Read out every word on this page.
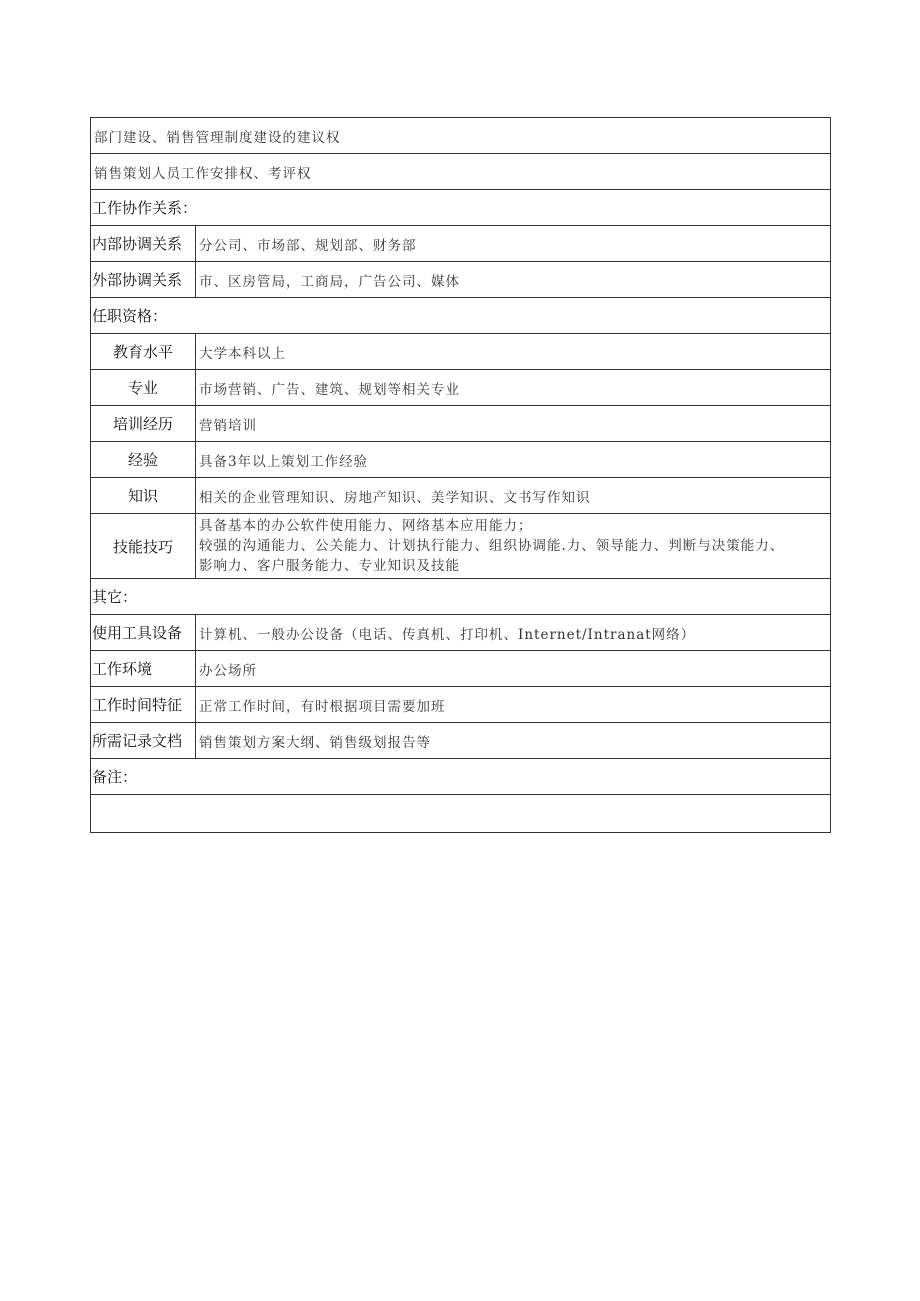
部门建设、销售管理制度建设的建议权	
销售策划人员工作安排权、考评权	
工作协作关系：	
内部协调关系	分公司、市场部、规划部、财务部
外部协调关系	市、区房管局，工商局，广告公司、媒体
任职资格：	
教育水平	大学本科以上
专业	市场营销、广告、建筑、规划等相关专业
培训经历	营销培训
经验	具备3年以上策划工作经验
知识	相关的企业管理知识、房地产知识、美学知识、文书写作知识
技能技巧	具备基本的办公软件使用能力、网络基本应用能力；
较强的沟通能力、公关能力、计划执行能力、组织协调能.力、领导能力、判断与决策能力、
影响力、客户服务能力、专业知识及技能

其它：	
使用工具设备	计算机、一般办公设备（电话、传真机、打印机、Internet/Intranat网络）
工作环境	办公场所
工作时间特征	正常工作时间，有时根据项目需要加班
所需记录文档	销售策划方案大纲、销售级划报告等
备注：	
